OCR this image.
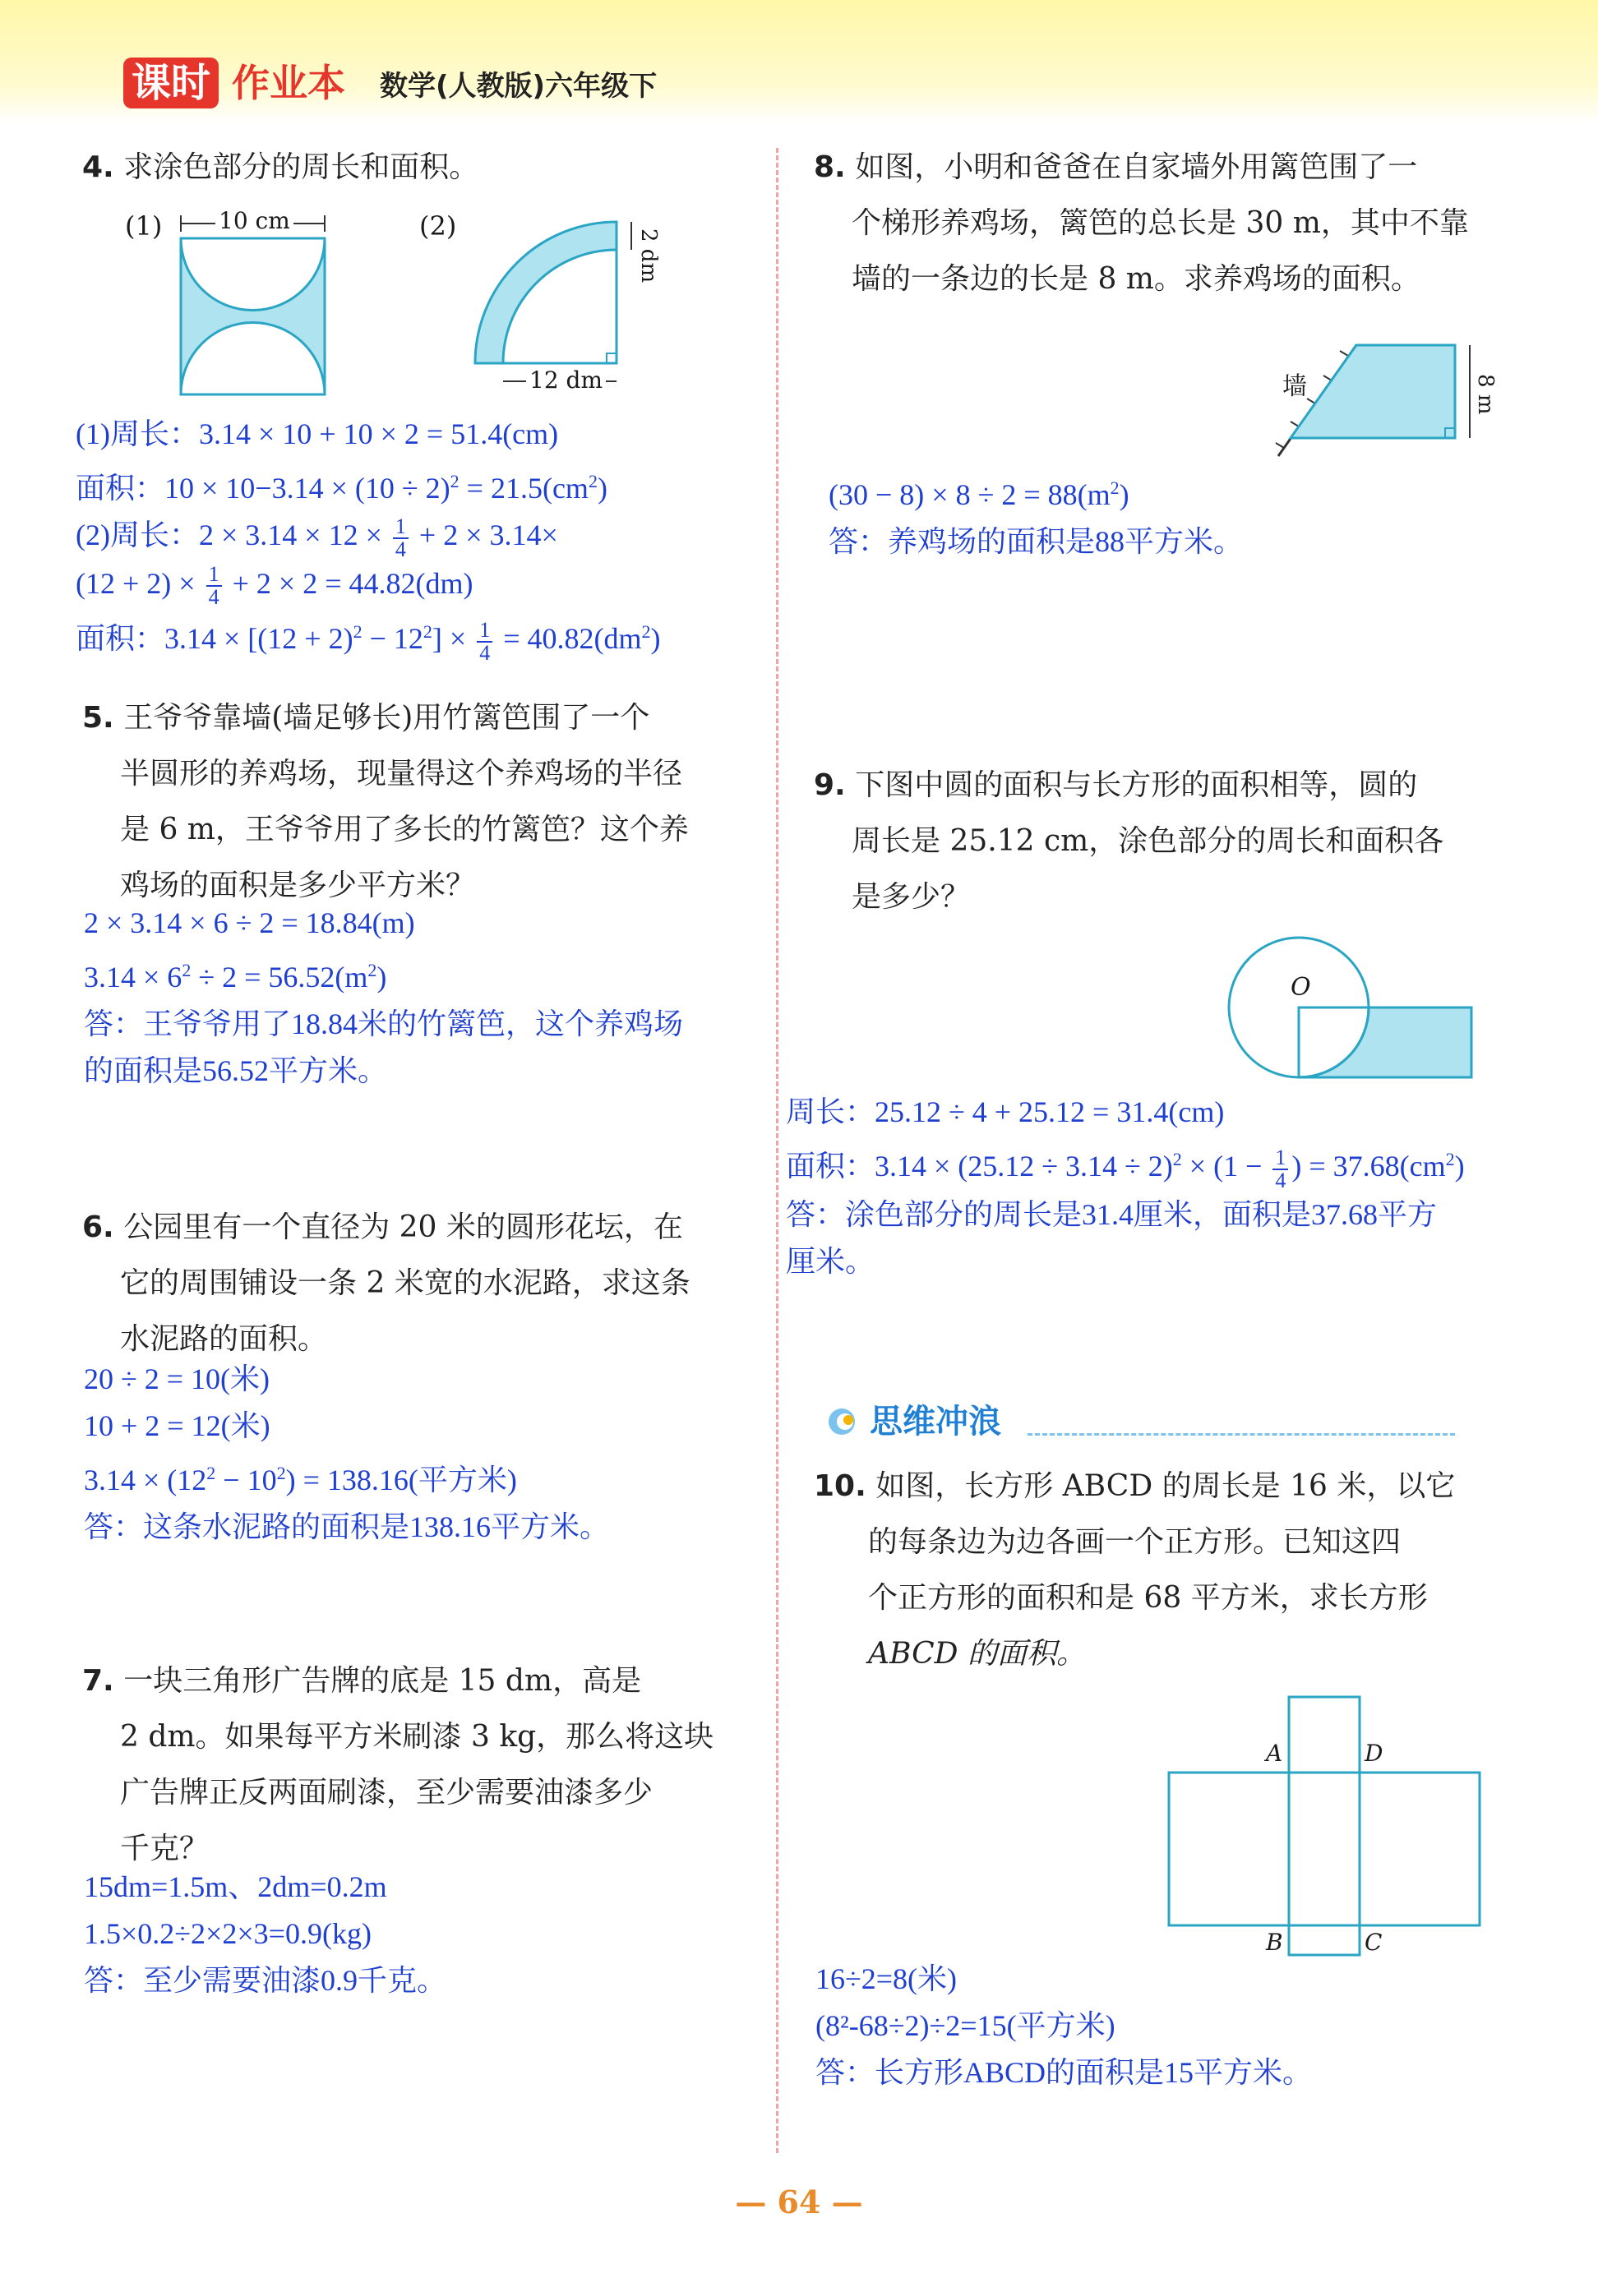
课时 作业本 数学(人教版)六年级下
4. 求涂色部分的周长和面积。
(1) 10 cm	(2)
2 dm
12 dm
(1)周长：3.14 × 10 + 10 × 2 = 51.4(cm)
面积：$10 \times 10-3.14 \times (10 \div 2)^2 = 21.5(cm^2)$
(2)周长：$2 \times 3.14 \times 12 \times \frac{1}{4} + 2 \times 3.14\times$
$(12 + 2) \times \frac{1}{4} + 2 \times 2 = 44.82(dm)$
面积：$3.14 \times [(12 + 2)^2 - 12^2] \times \frac{1}{4} = 40.82(dm^2)$
5. 王爷爷靠墙(墙足够长)用竹篱笆围了一个
半圆形的养鸡场，现量得这个养鸡场的半径
是 6 m，王爷爷用了多长的竹篱笆？这个养
鸡场的面积是多少平方米？
2 × 3.14 × 6 ÷ 2 = 18.84(m)
$3.14 \times 6^2 \div 2 = 56.52(m^2)$
答：王爷爷用了18.84米的竹篱笆，这个养鸡场
的面积是56.52平方米。
6. 公园里有一个直径为 20 米的圆形花坛，在
它的周围铺设一条 2 米宽的水泥路，求这条
水泥路的面积。
20 ÷ 2 = 10(米)
10 + 2 = 12(米)
$3.14 \times (12^2 - 10^2) = 138.16$(平方米)
答：这条水泥路的面积是138.16平方米。
7. 一块三角形广告牌的底是 15 dm，高是
2 dm。如果每平方米刷漆 3 kg，那么将这块
广告牌正反两面刷漆，至少需要油漆多少
千克？
15dm=1.5m、2dm=0.2m
1.5×0.2÷2×2×3=0.9(kg)
答：至少需要油漆0.9千克。
8. 如图，小明和爸爸在自家墙外用篱笆围了一
个梯形养鸡场，篱笆的总长是 30 m，其中不靠
墙的一条边的长是 8 m。求养鸡场的面积。
墙	8 m
$(30 - 8) \times 8 \div 2 = 88(m^2)$
答：养鸡场的面积是88平方米。
9. 下图中圆的面积与长方形的面积相等，圆的
周长是 25.12 cm，涂色部分的周长和面积各
是多少？
O
周长：25.12 ÷ 4 + 25.12 = 31.4(cm)
面积：$3.14 \times (25.12 \div 3.14 \div 2)^2 \times (1 - \frac{1}{4}$ ) = $37.68(cm^2)$
答：涂色部分的周长是31.4厘米，面积是37.68平方
厘米。
思维冲浪
10. 如图，长方形 ABCD 的周长是 16 米，以它
的每条边为边各画一个正方形。已知这四
个正方形的面积和是 68 平方米，求长方形
ABCD 的面积。
A	D
B	C
16÷2=8(米)
(8²-68÷2)÷2=15(平方米)
答：长方形ABCD的面积是15平方米。
— 64 —
